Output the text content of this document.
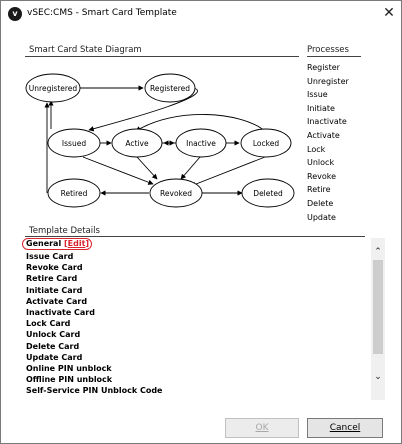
v	vSEC:CMS - Smart Card Template	✕
Smart Card State Diagram	Processes
Unregistered	Registered
Issued	Active	Inactive	Locked
Retired	Revoked	Deleted
Register
Unregister
Issue
Initiate
Inactivate
Activate
Lock
Unlock
Revoke
Retire
Delete
Update
Template Details
General [Edit]
Issue Card
Revoke Card
Retire Card
Initiate Card
Activate Card
Inactivate Card
Lock Card
Unlock Card
Delete Card
Update Card
Online PIN unblock
Offline PIN unblock
Self-Service PIN Unblock Code
⌃
⌄
OK	Cancel
